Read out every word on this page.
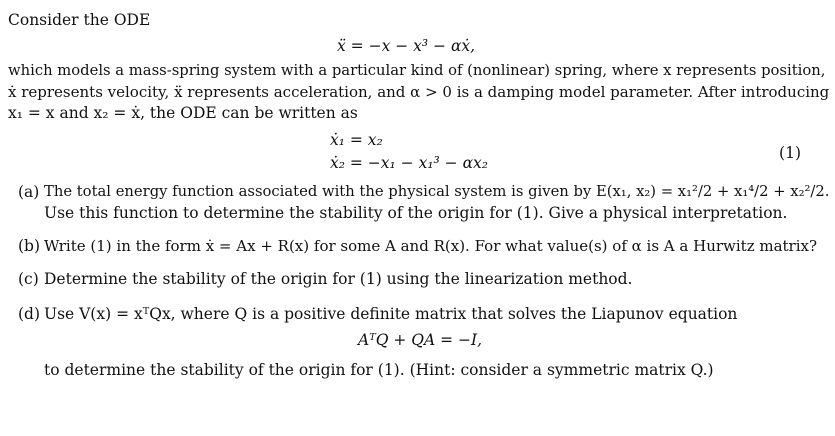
Consider the ODE
ẍ = −x − x³ − αẋ,
which models a mass-spring system with a particular kind of (nonlinear) spring, where x represents position,
ẋ represents velocity, ẍ represents acceleration, and α > 0 is a damping model parameter. After introducing
x₁ = x and x₂ = ẋ, the ODE can be written as
ẋ₁ = x₂
ẋ₂ = −x₁ − x₁³ − αx₂
(1)
(a) The total energy function associated with the physical system is given by E(x₁, x₂) = x₁²/2 + x₁⁴/2 + x₂²/2.
Use this function to determine the stability of the origin for (1). Give a physical interpretation.
(b) Write (1) in the form ẋ = Ax + R(x) for some A and R(x). For what value(s) of α is A a Hurwitz matrix?
(c) Determine the stability of the origin for (1) using the linearization method.
(d) Use V(x) = xᵀQx, where Q is a positive definite matrix that solves the Liapunov equation
AᵀQ + QA = −I,
to determine the stability of the origin for (1). (Hint: consider a symmetric matrix Q.)
